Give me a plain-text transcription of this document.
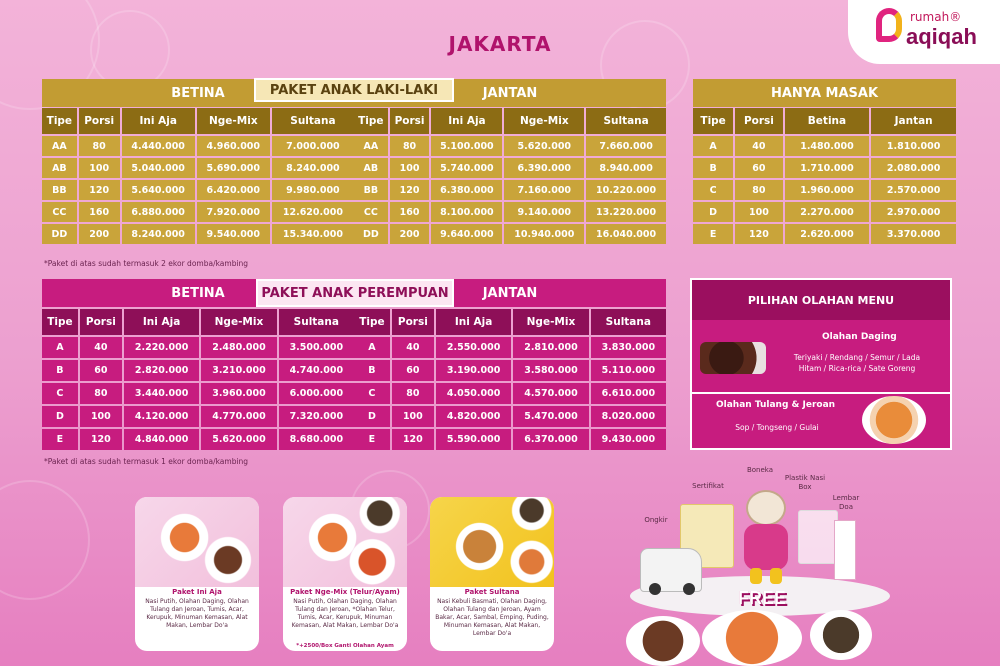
rumah®
aqiqah
JAKARTA
BETINA	JANTAN
PAKET ANAK LAKI-LAKI
Tipe	Porsi	Ini Aja	Nge-Mix	Sultana
AA	80	4.440.000	4.960.000	7.000.000
AB	100	5.040.000	5.690.000	8.240.000
BB	120	5.640.000	6.420.000	9.980.000
CC	160	6.880.000	7.920.000	12.620.000
DD	200	8.240.000	9.540.000	15.340.000
Tipe	Porsi	Ini Aja	Nge-Mix	Sultana
AA	80	5.100.000	5.620.000	7.660.000
AB	100	5.740.000	6.390.000	8.940.000
BB	120	6.380.000	7.160.000	10.220.000
CC	160	8.100.000	9.140.000	13.220.000
DD	200	9.640.000	10.940.000	16.040.000
*Paket di atas sudah termasuk 2 ekor domba/kambing
HANYA MASAK
Tipe	Porsi	Betina	Jantan
A	40	1.480.000	1.810.000
B	60	1.710.000	2.080.000
C	80	1.960.000	2.570.000
D	100	2.270.000	2.970.000
E	120	2.620.000	3.370.000
BETINA	JANTAN
PAKET ANAK PEREMPUAN
Tipe	Porsi	Ini Aja	Nge-Mix	Sultana
A	40	2.220.000	2.480.000	3.500.000
B	60	2.820.000	3.210.000	4.740.000
C	80	3.440.000	3.960.000	6.000.000
D	100	4.120.000	4.770.000	7.320.000
E	120	4.840.000	5.620.000	8.680.000
Tipe	Porsi	Ini Aja	Nge-Mix	Sultana
A	40	2.550.000	2.810.000	3.830.000
B	60	3.190.000	3.580.000	5.110.000
C	80	4.050.000	4.570.000	6.610.000
D	100	4.820.000	5.470.000	8.020.000
E	120	5.590.000	6.370.000	9.430.000
*Paket di atas sudah termasuk 1 ekor domba/kambing
PILIHAN OLAHAN MENU
Olahan Daging
Teriyaki / Rendang / Semur / Lada
Hitam / Rica-rica / Sate Goreng
Olahan Tulang & Jeroan
Sop / Tongseng / Gulai
Paket Ini Aja
Nasi Putih, Olahan Daging, Olahan Tulang dan Jeroan, Tumis, Acar, Kerupuk, Minuman Kemasan, Alat Makan, Lembar Do'a
Paket Nge-Mix (Telur/Ayam)
Nasi Putih, Olahan Daging, Olahan Tulang dan Jeroan, *Olahan Telur, Tumis, Acar, Kerupuk, Minuman Kemasan, Alat Makan, Lembar Do'a
*+2500/Box Ganti Olahan Ayam
Paket Sultana
Nasi Kebuli Basmati, Olahan Daging, Olahan Tulang dan Jeroan, Ayam Bakar, Acar, Sambal, Emping, Puding, Minuman Kemasan, Alat Makan, Lembar Do'a
Boneka
Sertifikat
Plastik Nasi Box
Lembar Doa
Ongkir
FREE
